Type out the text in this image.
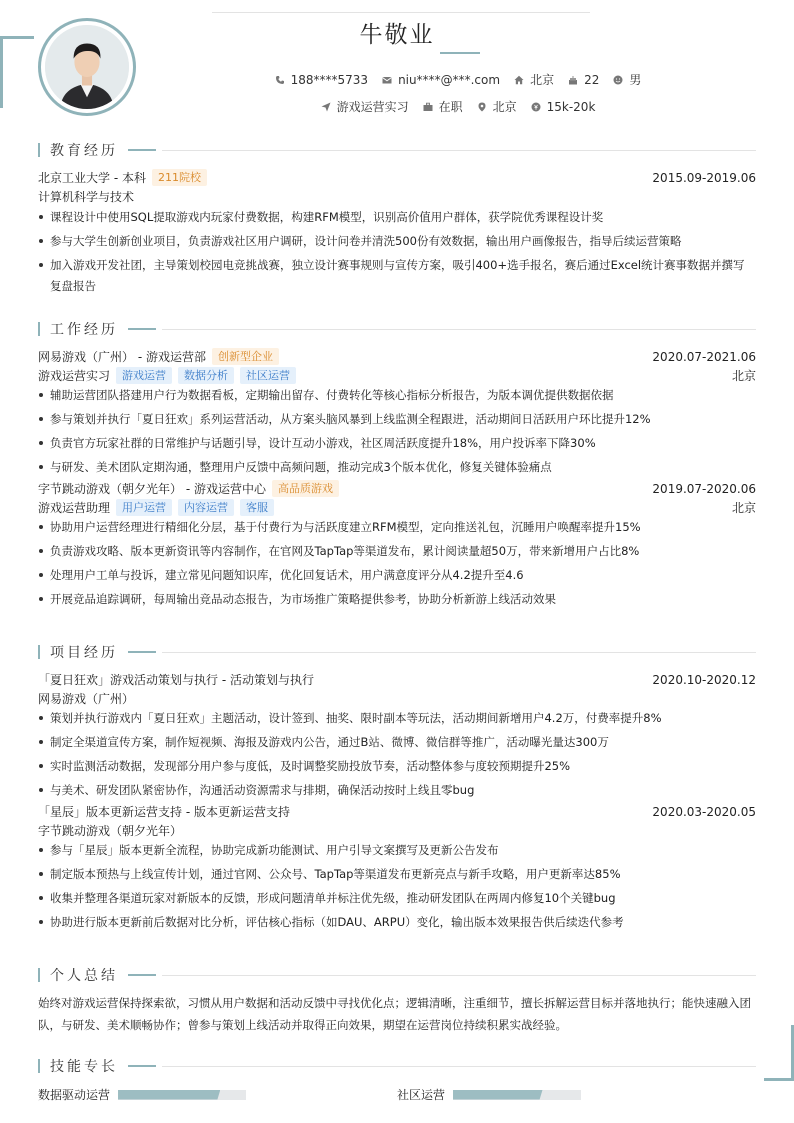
牛敬业
188****5733	niu****@***.com	北京	22	男
游戏运营实习	在职	北京	15k-20k
教育经历
北京工业大学 - 本科	211院校	2015.09-2019.06
计算机科学与技术
课程设计中使用SQL提取游戏内玩家付费数据，构建RFM模型，识别高价值用户群体，获学院优秀课程设计奖
参与大学生创新创业项目，负责游戏社区用户调研，设计问卷并清洗500份有效数据，输出用户画像报告，指导后续运营策略
加入游戏开发社团，主导策划校园电竞挑战赛，独立设计赛事规则与宣传方案，吸引400+选手报名，赛后通过Excel统计赛事数据并撰写复盘报告
工作经历
网易游戏（广州） - 游戏运营部	创新型企业	2020.07-2021.06
游戏运营实习	游戏运营	数据分析	社区运营	北京
辅助运营团队搭建用户行为数据看板，定期输出留存、付费转化等核心指标分析报告，为版本调优提供数据依据
参与策划并执行「夏日狂欢」系列运营活动，从方案头脑风暴到上线监测全程跟进，活动期间日活跃用户环比提升12%
负责官方玩家社群的日常维护与话题引导，设计互动小游戏，社区周活跃度提升18%，用户投诉率下降30%
与研发、美术团队定期沟通，整理用户反馈中高频问题，推动完成3个版本优化，修复关键体验痛点
字节跳动游戏（朝夕光年） - 游戏运营中心	高品质游戏	2019.07-2020.06
游戏运营助理	用户运营	内容运营	客服	北京
协助用户运营经理进行精细化分层，基于付费行为与活跃度建立RFM模型，定向推送礼包，沉睡用户唤醒率提升15%
负责游戏攻略、版本更新资讯等内容制作，在官网及TapTap等渠道发布，累计阅读量超50万，带来新增用户占比8%
处理用户工单与投诉，建立常见问题知识库，优化回复话术，用户满意度评分从4.2提升至4.6
开展竞品追踪调研，每周输出竞品动态报告，为市场推广策略提供参考，协助分析新游上线活动效果
项目经历
「夏日狂欢」游戏活动策划与执行 - 活动策划与执行	2020.10-2020.12
网易游戏（广州）
策划并执行游戏内「夏日狂欢」主题活动，设计签到、抽奖、限时副本等玩法，活动期间新增用户4.2万，付费率提升8%
制定全渠道宣传方案，制作短视频、海报及游戏内公告，通过B站、微博、微信群等推广，活动曝光量达300万
实时监测活动数据，发现部分用户参与度低，及时调整奖励投放节奏，活动整体参与度较预期提升25%
与美术、研发团队紧密协作，沟通活动资源需求与排期，确保活动按时上线且零bug
「星辰」版本更新运营支持 - 版本更新运营支持	2020.03-2020.05
字节跳动游戏（朝夕光年）
参与「星辰」版本更新全流程，协助完成新功能测试、用户引导文案撰写及更新公告发布
制定版本预热与上线宣传计划，通过官网、公众号、TapTap等渠道发布更新亮点与新手攻略，用户更新率达85%
收集并整理各渠道玩家对新版本的反馈，形成问题清单并标注优先级，推动研发团队在两周内修复10个关键bug
协助进行版本更新前后数据对比分析，评估核心指标（如DAU、ARPU）变化，输出版本效果报告供后续迭代参考
个人总结
始终对游戏运营保持探索欲，习惯从用户数据和活动反馈中寻找优化点；逻辑清晰，注重细节，擅长拆解运营目标并落地执行；能快速融入团队，与研发、美术顺畅协作；曾参与策划上线活动并取得正向效果，期望在运营岗位持续积累实战经验。
技能专长
数据驱动运营	社区运营
